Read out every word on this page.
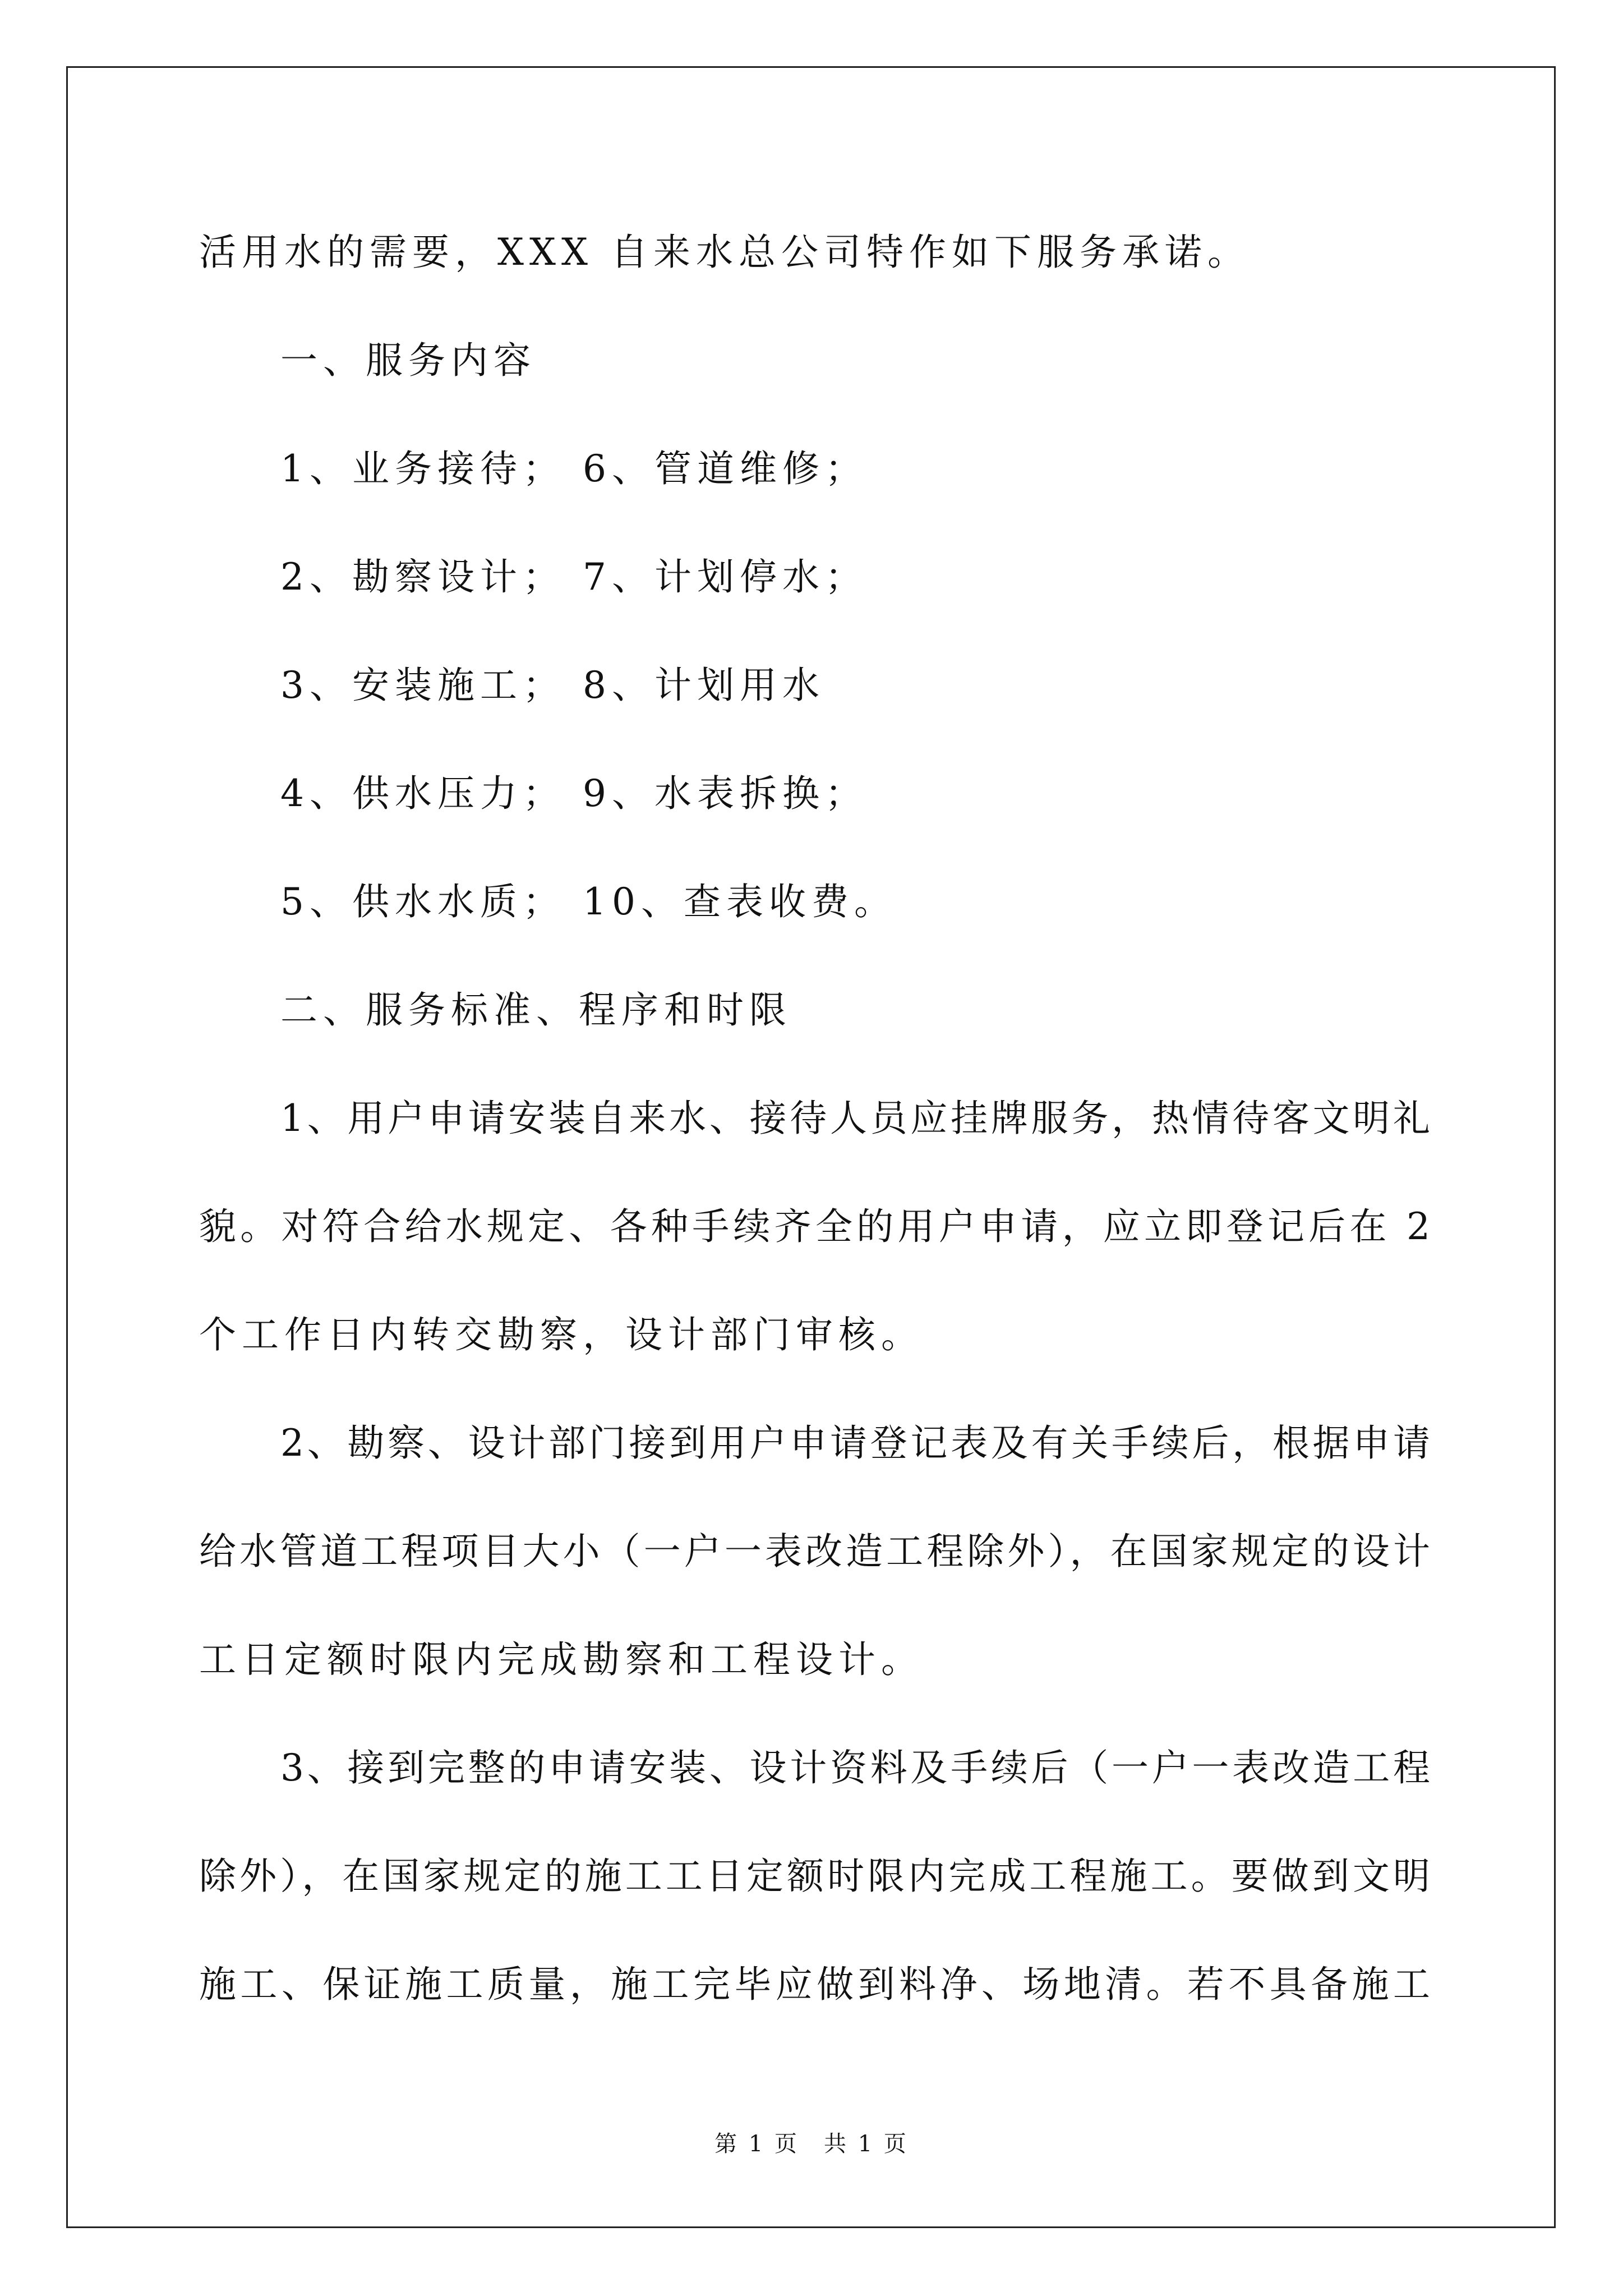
活用水的需要，XXX 自来水总公司特作如下服务承诺。
一、服务内容
1、业务接待； 6、管道维修；
2、勘察设计； 7、计划停水；
3、安装施工； 8、计划用水
4、供水压力； 9、水表拆换；
5、供水水质； 10、查表收费。
二、服务标准、程序和时限
1、用户申请安装自来水、接待人员应挂牌服务，热情待客文明礼
貌。对符合给水规定、各种手续齐全的用户申请，应立即登记后在 2
个工作日内转交勘察，设计部门审核。
2、勘察、设计部门接到用户申请登记表及有关手续后，根据申请
给水管道工程项目大小（一户一表改造工程除外），在国家规定的设计
工日定额时限内完成勘察和工程设计。
3、接到完整的申请安装、设计资料及手续后（一户一表改造工程
除外），在国家规定的施工工日定额时限内完成工程施工。要做到文明
施工、保证施工质量，施工完毕应做到料净、场地清。若不具备施工
第 1 页　共 1 页
